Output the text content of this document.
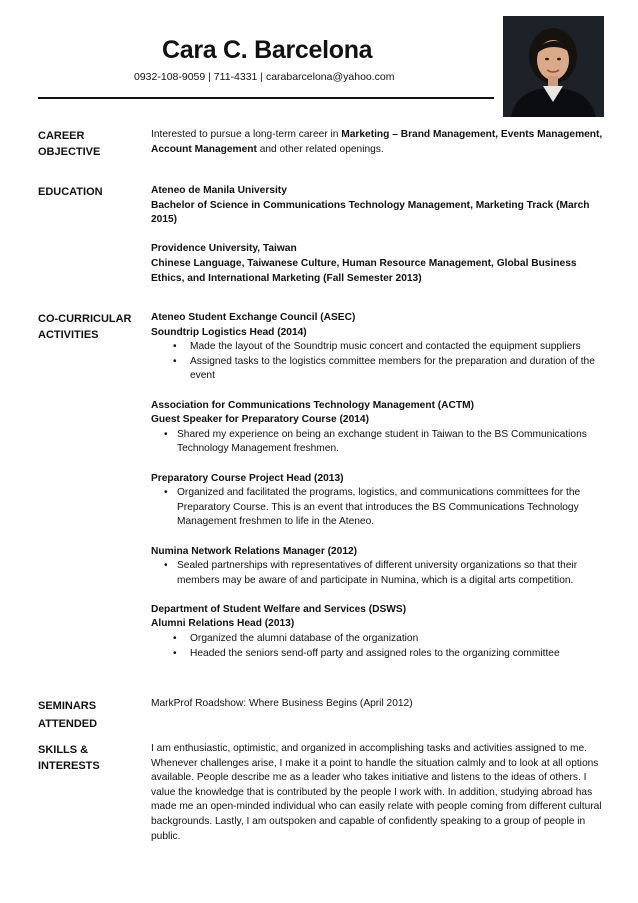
Cara C. Barcelona
0932-108-9059 | 711-4331 | carabarcelona@yahoo.com
CAREER
OBJECTIVE

Interested to pursue a long-term career in Marketing – Brand Management, Events Management, Account Management and other related openings.

EDUCATION	Ateneo de Manila University

Bachelor of Science in Communications Technology Management, Marketing Track (March 2015)

Providence University, Taiwan

Chinese Language, Taiwanese Culture, Human Resource Management, Global Business Ethics, and International Marketing (Fall Semester 2013)

CO-CURRICULAR
ACTIVITIES

Ateneo Student Exchange Council (ASEC)

Soundtrip Logistics Head (2014)

• Made the layout of the Soundtrip music concert and contacted the equipment suppliers
• Assigned tasks to the logistics committee members for the preparation and duration of the event

Association for Communications Technology Management (ACTM)

Guest Speaker for Preparatory Course (2014)

• Shared my experience on being an exchange student in Taiwan to the BS Communications Technology Management freshmen.

Preparatory Course Project Head (2013)

• Organized and facilitated the programs, logistics, and communications committees for the Preparatory Course. This is an event that introduces the BS Communications Technology Management freshmen to life in the Ateneo.

Numina Network Relations Manager (2012)

• Sealed partnerships with representatives of different university organizations so that their members may be aware of and participate in Numina, which is a digital arts competition.

Department of Student Welfare and Services (DSWS)

Alumni Relations Head (2013)

• Organized the alumni database of the organization
• Headed the seniors send-off party and assigned roles to the organizing committee
SEMINARS
ATTENDED

MarkProf Roadshow: Where Business Begins (April 2012)

SKILLS &
INTERESTS

I am enthusiastic, optimistic, and organized in accomplishing tasks and activities assigned to me. Whenever challenges arise, I make it a point to handle the situation calmly and to look at all options available. People describe me as a leader who takes initiative and listens to the ideas of others. I value the knowledge that is contributed by the people I work with. In addition, studying abroad has made me an open-minded individual who can easily relate with people coming from different cultural backgrounds. Lastly, I am outspoken and capable of confidently speaking to a group of people in public.
